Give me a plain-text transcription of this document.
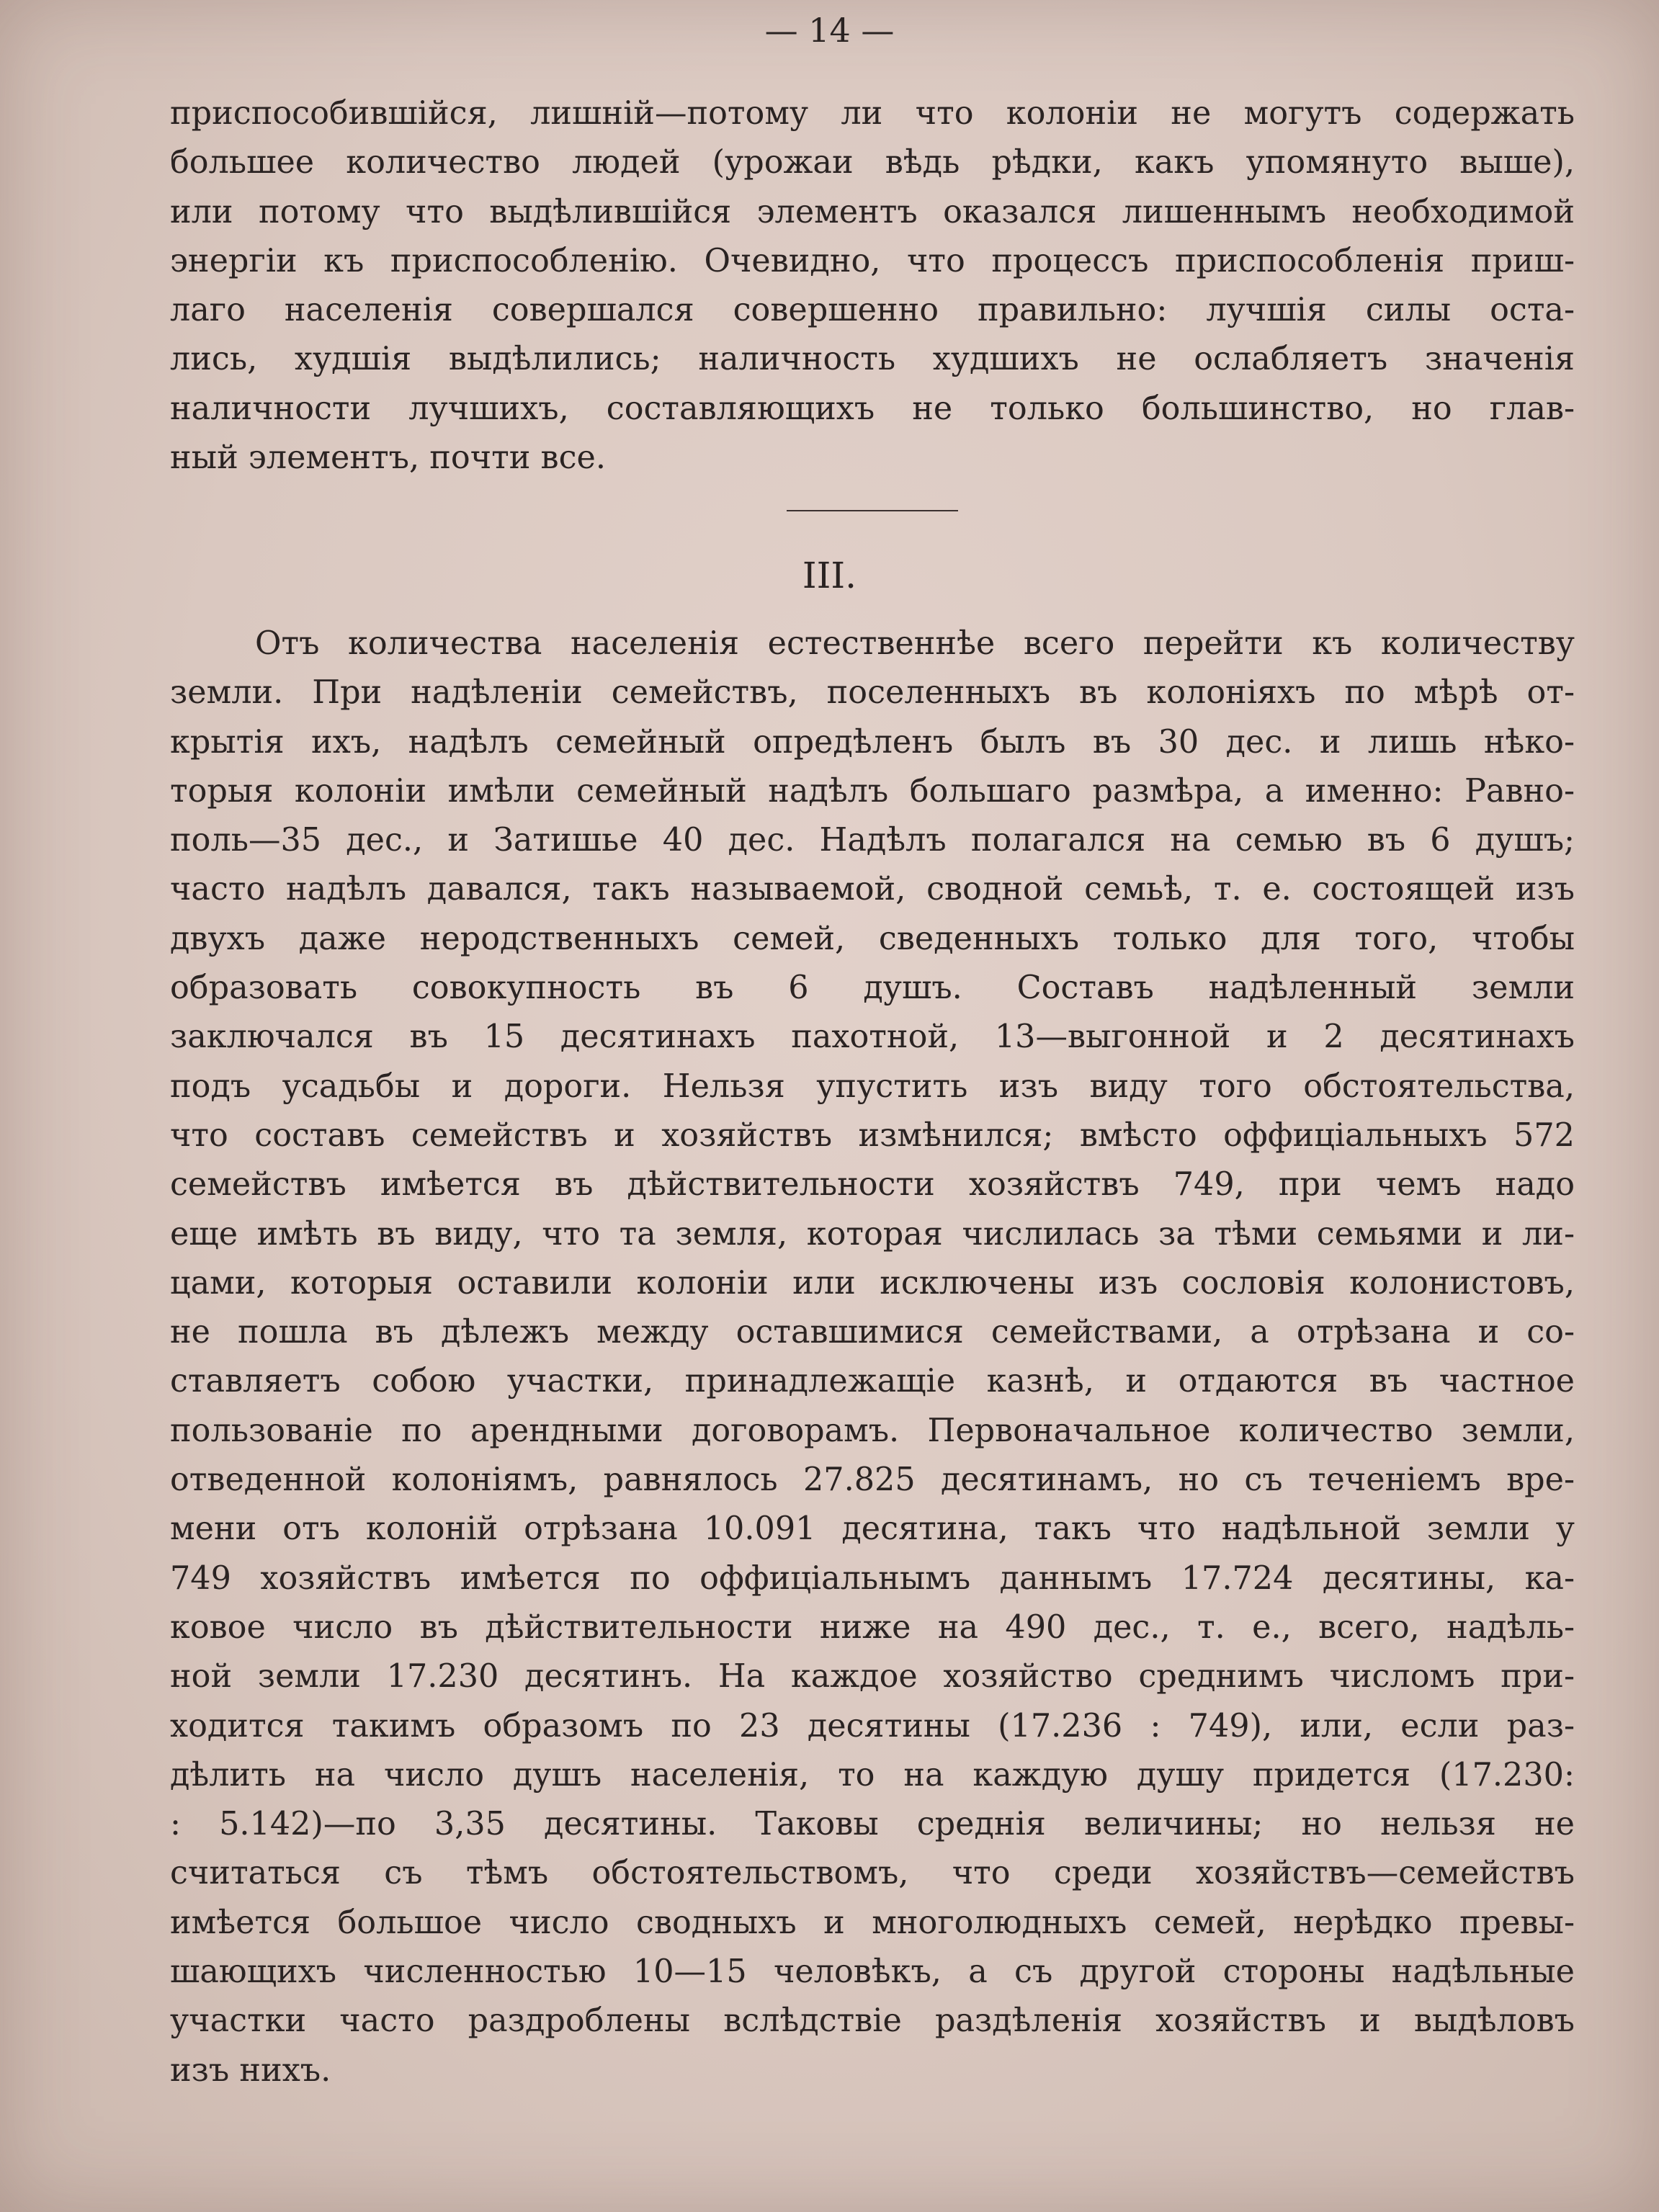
— 14 —
приспособившiйся, лишнiй—потому ли что колонiи не могутъ содержать
большее количество людей (урожаи вѣдь рѣдки, какъ упомянуто выше),
или потому что выдѣлившiйся элементъ оказался лишеннымъ необходимой
энергiи къ приспособленiю. Очевидно, что процессъ приспособленiя приш-
лаго населенiя совершался совершенно правильно: лучшiя силы оста-
лись, худшiя выдѣлились; наличность худшихъ не ослабляетъ значенiя
наличности лучшихъ, составляющихъ не только большинство, но глав-
ный элементъ, почти все.
III.
Отъ количества населенiя естественнѣе всего перейти къ количеству
земли. При надѣленiи семействъ, поселенныхъ въ колонiяхъ по мѣрѣ от-
крытiя ихъ, надѣлъ семейный опредѣленъ былъ въ 30 дес. и лишь нѣко-
торыя колонiи имѣли семейный надѣлъ большаго размѣра, а именно: Равно-
поль—35 дес., и Затишье 40 дес. Надѣлъ полагался на семью въ 6 душъ;
часто надѣлъ давался, такъ называемой, сводной семьѣ, т. е. состоящей изъ
двухъ даже неродственныхъ семей, сведенныхъ только для того, чтобы
образовать совокупность въ 6 душъ. Составъ надѣленный земли
заключался въ 15 десятинахъ пахотной, 13—выгонной и 2 десятинахъ
подъ усадьбы и дороги. Нельзя упустить изъ виду того обстоятельства,
что составъ семействъ и хозяйствъ измѣнился; вмѣсто оффицiальныхъ 572
семействъ имѣется въ дѣйствительности хозяйствъ 749, при чемъ надо
еще имѣть въ виду, что та земля, которая числилась за тѣми семьями и ли-
цами, которыя оставили колонiи или исключены изъ сословiя колонистовъ,
не пошла въ дѣлежъ между оставшимися семействами, а отрѣзана и со-
ставляетъ собою участки, принадлежащiе казнѣ, и отдаются въ частное
пользованiе по арендными договорамъ. Первоначальное количество земли,
отведенной колонiямъ, равнялось 27.825 десятинамъ, но съ теченiемъ вре-
мени отъ колонiй отрѣзана 10.091 десятина, такъ что надѣльной земли у
749 хозяйствъ имѣется по оффицiальнымъ даннымъ 17.724 десятины, ка-
ковое число въ дѣйствительности ниже на 490 дес., т. е., всего, надѣль-
ной земли 17.230 десятинъ. На каждое хозяйство среднимъ числомъ при-
ходится такимъ образомъ по 23 десятины (17.236 : 749), или, если раз-
дѣлить на число душъ населенiя, то на каждую душу придется (17.230:
: 5.142)—по 3,35 десятины. Таковы среднiя величины; но нельзя не
считаться съ тѣмъ обстоятельствомъ, что среди хозяйствъ—семействъ
имѣется большое число сводныхъ и многолюдныхъ семей, нерѣдко превы-
шающихъ численностью 10—15 человѣкъ, а съ другой стороны надѣльные
участки часто раздроблены вслѣдствiе раздѣленiя хозяйствъ и выдѣловъ
изъ нихъ.
